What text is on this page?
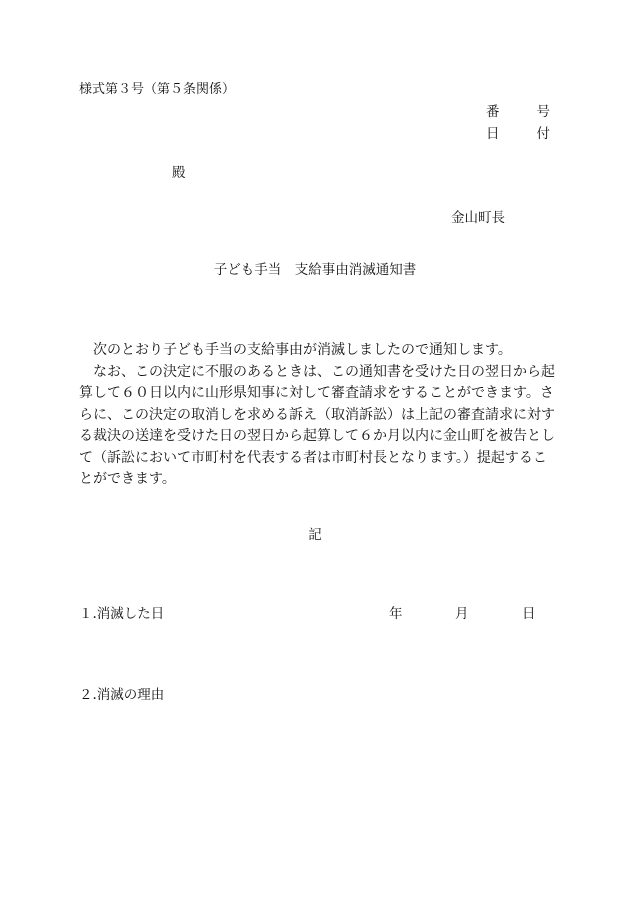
様式第３号（第５条関係）
番	号
日	付
殿
金山町長
子ども手当　支給事由消滅通知書

次のとおり子ども手当の支給事由が消滅しましたので通知します。

なお、この決定に不服のあるときは、この通知書を受けた日の翌日から起算して６０日以内に山形県知事に対して審査請求をすることができます。さらに、この決定の取消しを求める訴え（取消訴訟）は上記の審査請求に対する裁決の送達を受けた日の翌日から起算して６か月以内に金山町を被告として（訴訟において市町村を代表する者は市町村長となります。）提起することができます。

記
１.消滅した日	年	月	日
２.消滅の理由
